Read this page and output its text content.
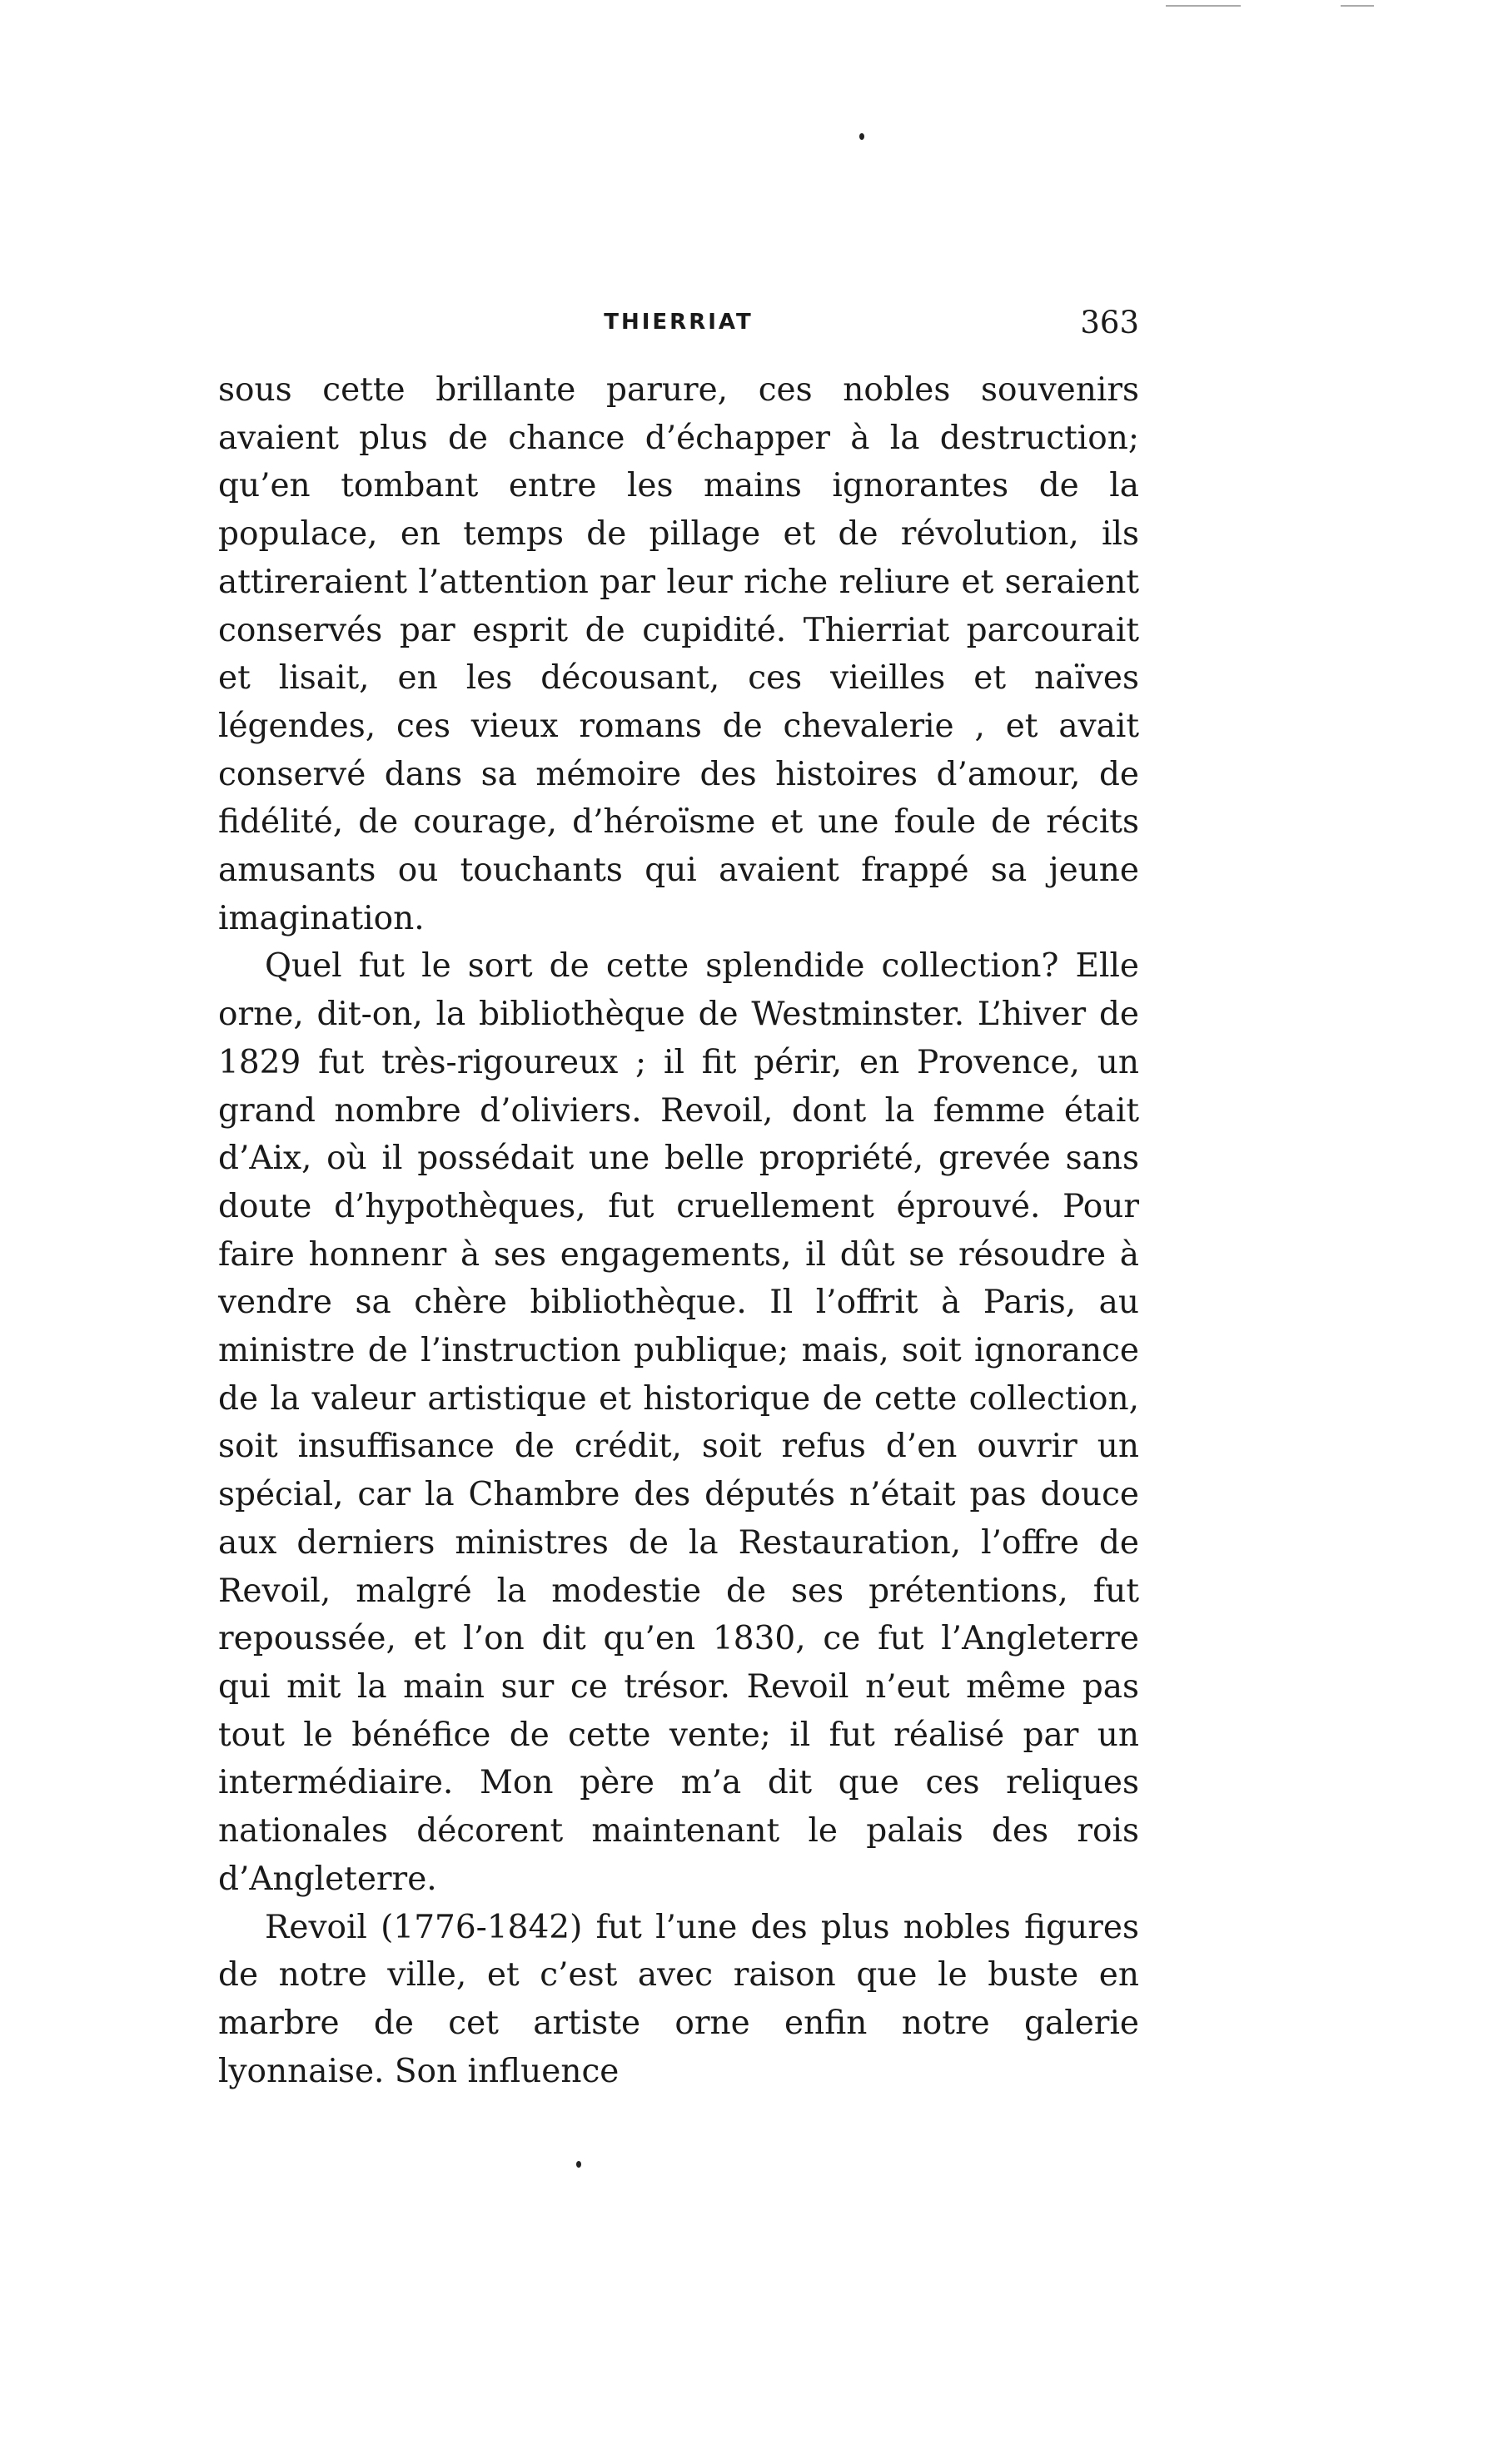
THIERRIAT	363

sous cette brillante parure, ces nobles souvenirs avaient plus de chance d’échapper à la destruction; qu’en tombant entre les mains ignorantes de la populace, en temps de pillage et de révolution, ils attireraient l’attention par leur riche reliure et seraient conservés par esprit de cupidité. Thierriat parcourait et lisait, en les décousant, ces vieilles et naïves légendes, ces vieux romans de chevalerie , et avait conservé dans sa mémoire des histoires d’amour, de fidélité, de courage, d’héroïsme et une foule de récits amusants ou touchants qui avaient frappé sa jeune imagination.

Quel fut le sort de cette splendide collection? Elle orne, dit-on, la bibliothèque de Westminster. L’hiver de 1829 fut très-rigoureux ; il fit périr, en Provence, un grand nombre d’oliviers. Revoil, dont la femme était d’Aix, où il possédait une belle propriété, grevée sans doute d’hypothèques, fut cruellement éprouvé. Pour faire honnenr à ses engagements, il dût se résoudre à vendre sa chère bibliothèque. Il l’offrit à Paris, au ministre de l’instruction publique; mais, soit ignorance de la valeur artistique et historique de cette collection, soit insuffisance de crédit, soit refus d’en ouvrir un spécial, car la Chambre des députés n’était pas douce aux derniers ministres de la Restauration, l’offre de Revoil, malgré la modestie de ses prétentions, fut repoussée, et l’on dit qu’en 1830, ce fut l’Angleterre qui mit la main sur ce trésor. Revoil n’eut même pas tout le bénéfice de cette vente; il fut réalisé par un intermédiaire. Mon père m’a dit que ces reliques nationales décorent maintenant le palais des rois d’Angleterre.

Revoil (1776-1842) fut l’une des plus nobles figures de notre ville, et c’est avec raison que le buste en marbre de cet artiste orne enfin notre galerie lyonnaise. Son influence
